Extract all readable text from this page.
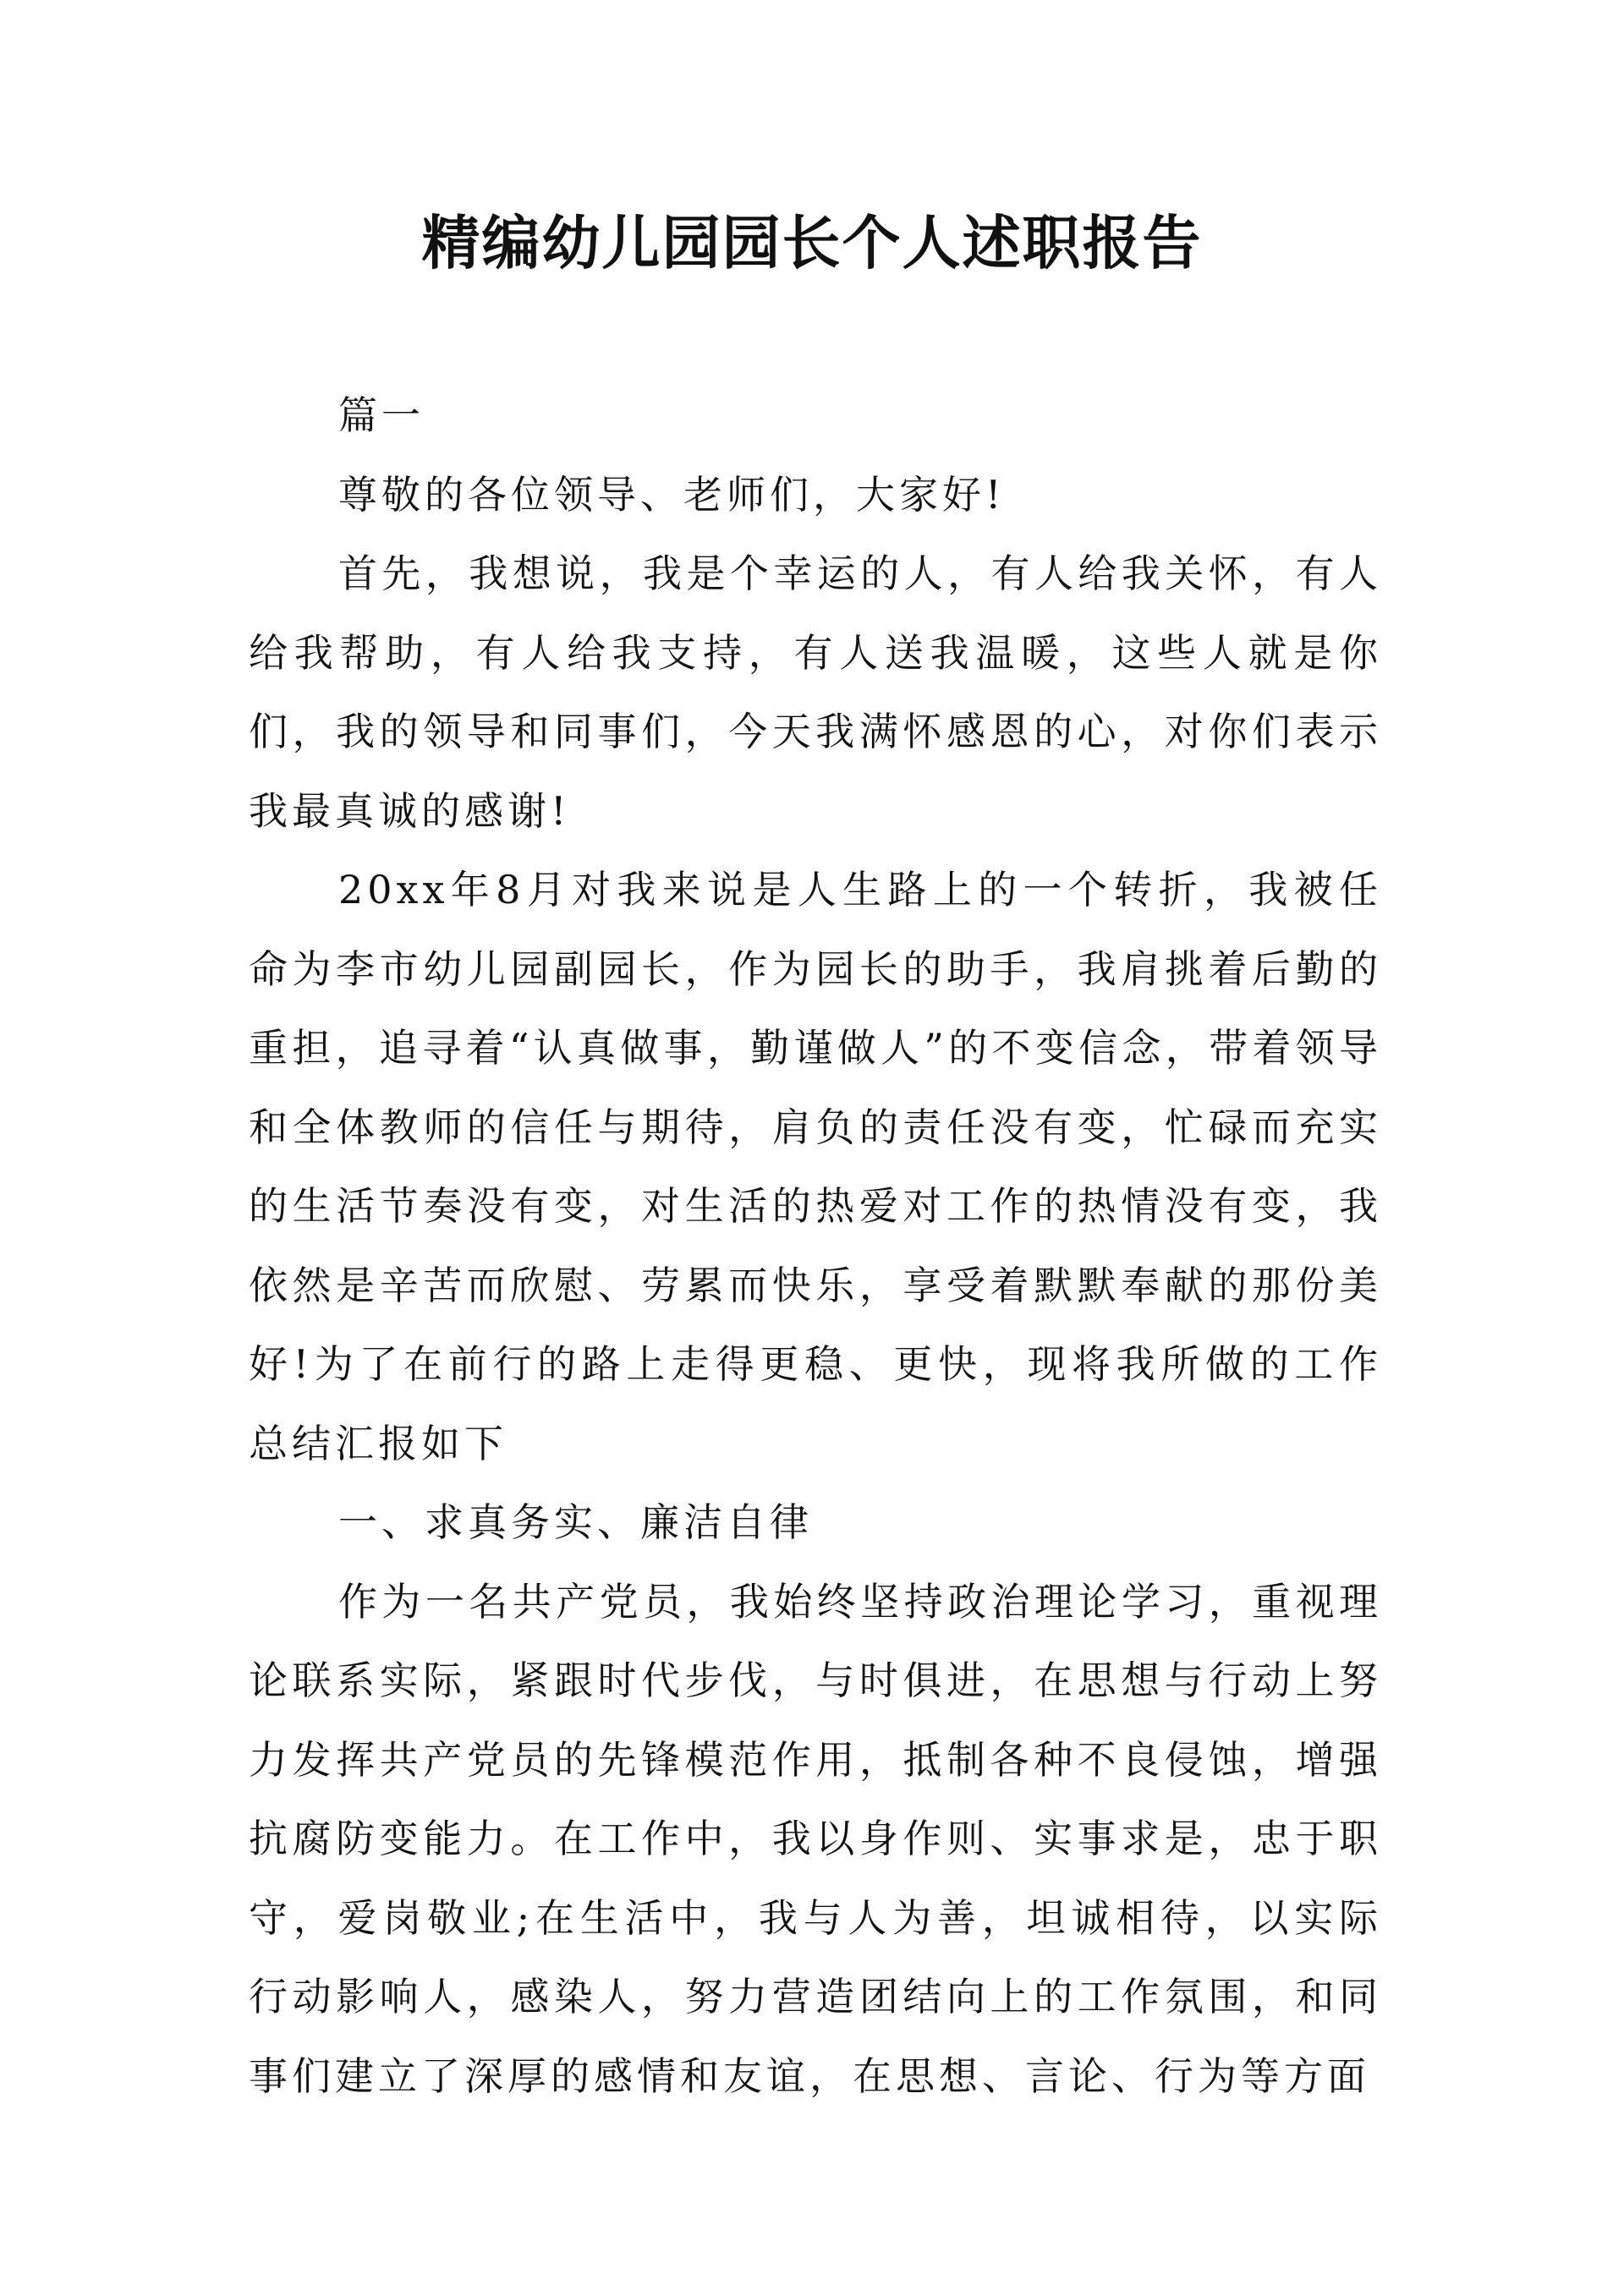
精编幼儿园园长个人述职报告

篇一

尊敬的各位领导、老师们，大家好!

首先，我想说，我是个幸运的人，有人给我关怀，有人给我帮助，有人给我支持，有人送我温暖，这些人就是你们，我的领导和同事们，今天我满怀感恩的心，对你们表示我最真诚的感谢!

20xx年8月对我来说是人生路上的一个转折，我被任命为李市幼儿园副园长，作为园长的助手，我肩挑着后勤的重担，追寻着“认真做事，勤谨做人”的不变信念，带着领导和全体教师的信任与期待，肩负的责任没有变，忙碌而充实的生活节奏没有变，对生活的热爱对工作的热情没有变，我依然是辛苦而欣慰、劳累而快乐，享受着默默奉献的那份美好!为了在前行的路上走得更稳、更快，现将我所做的工作总结汇报如下

一、求真务实、廉洁自律

作为一名共产党员，我始终坚持政治理论学习，重视理论联系实际，紧跟时代步伐，与时俱进，在思想与行动上努力发挥共产党员的先锋模范作用，抵制各种不良侵蚀，增强抗腐防变能力。在工作中，我以身作则、实事求是，忠于职守，爱岗敬业;在生活中，我与人为善，坦诚相待，以实际行动影响人，感染人，努力营造团结向上的工作氛围，和同事们建立了深厚的感情和友谊，在思想、言论、行为等方面
